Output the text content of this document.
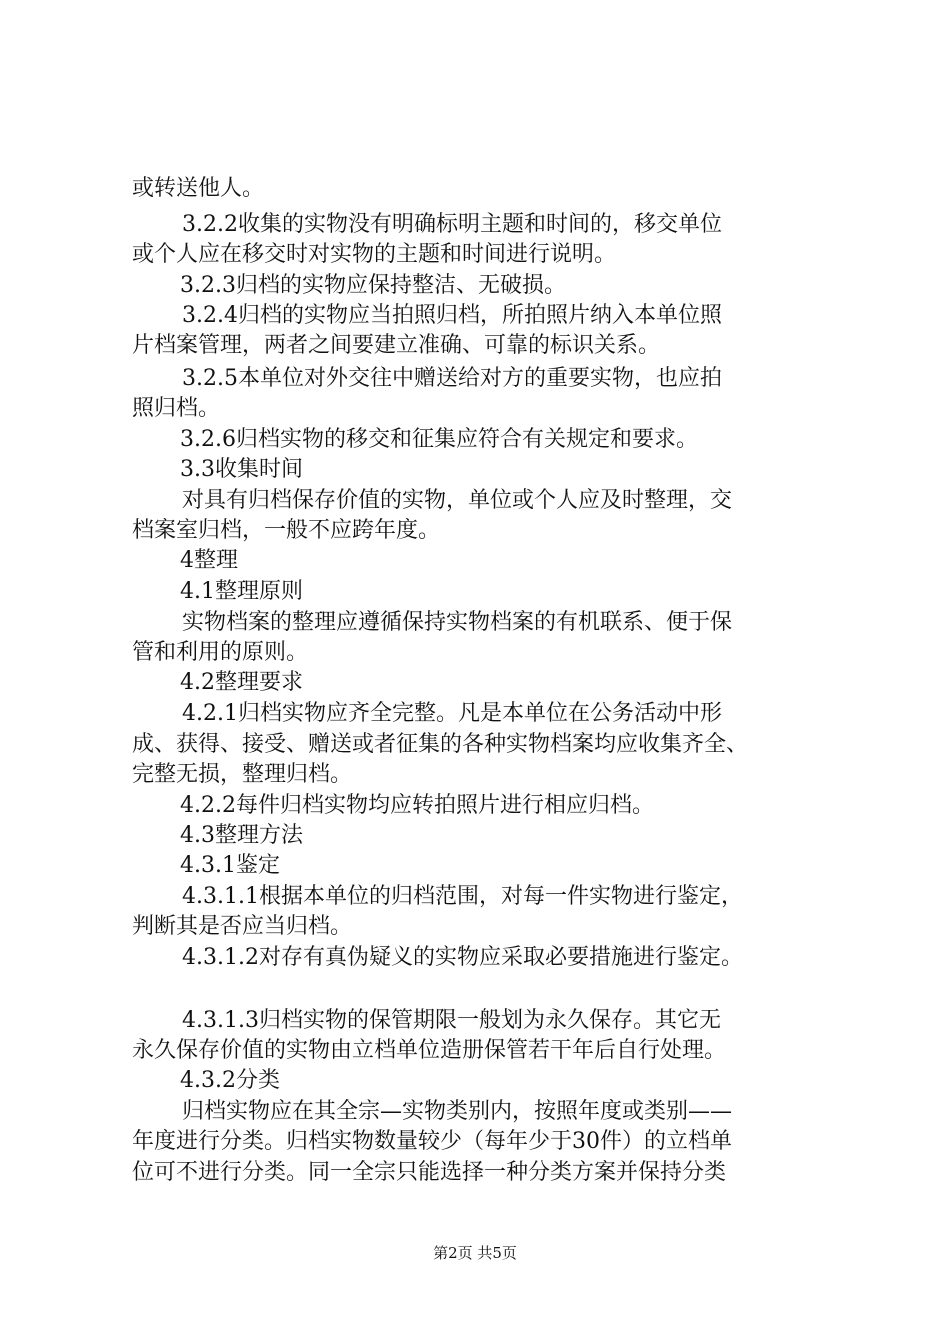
或转送他人。
3.2.2收集的实物没有明确标明主题和时间的，移交单位
或个人应在移交时对实物的主题和时间进行说明。
3.2.3归档的实物应保持整洁、无破损。
3.2.4归档的实物应当拍照归档，所拍照片纳入本单位照
片档案管理，两者之间要建立准确、可靠的标识关系。
3.2.5本单位对外交往中赠送给对方的重要实物，也应拍
照归档。
3.2.6归档实物的移交和征集应符合有关规定和要求。
3.3收集时间
对具有归档保存价值的实物，单位或个人应及时整理，交
档案室归档，一般不应跨年度。
4整理
4.1整理原则
实物档案的整理应遵循保持实物档案的有机联系、便于保
管和利用的原则。
4.2整理要求
4.2.1归档实物应齐全完整。凡是本单位在公务活动中形
成、获得、接受、赠送或者征集的各种实物档案均应收集齐全、
完整无损，整理归档。
4.2.2每件归档实物均应转拍照片进行相应归档。
4.3整理方法
4.3.1鉴定
4.3.1.1根据本单位的归档范围，对每一件实物进行鉴定，
判断其是否应当归档。
4.3.1.2对存有真伪疑义的实物应采取必要措施进行鉴定。
4.3.1.3归档实物的保管期限一般划为永久保存。其它无
永久保存价值的实物由立档单位造册保管若干年后自行处理。
4.3.2分类
归档实物应在其全宗—实物类别内，按照年度或类别——
年度进行分类。归档实物数量较少（每年少于30件）的立档单
位可不进行分类。同一全宗只能选择一种分类方案并保持分类
第2页 共5页
